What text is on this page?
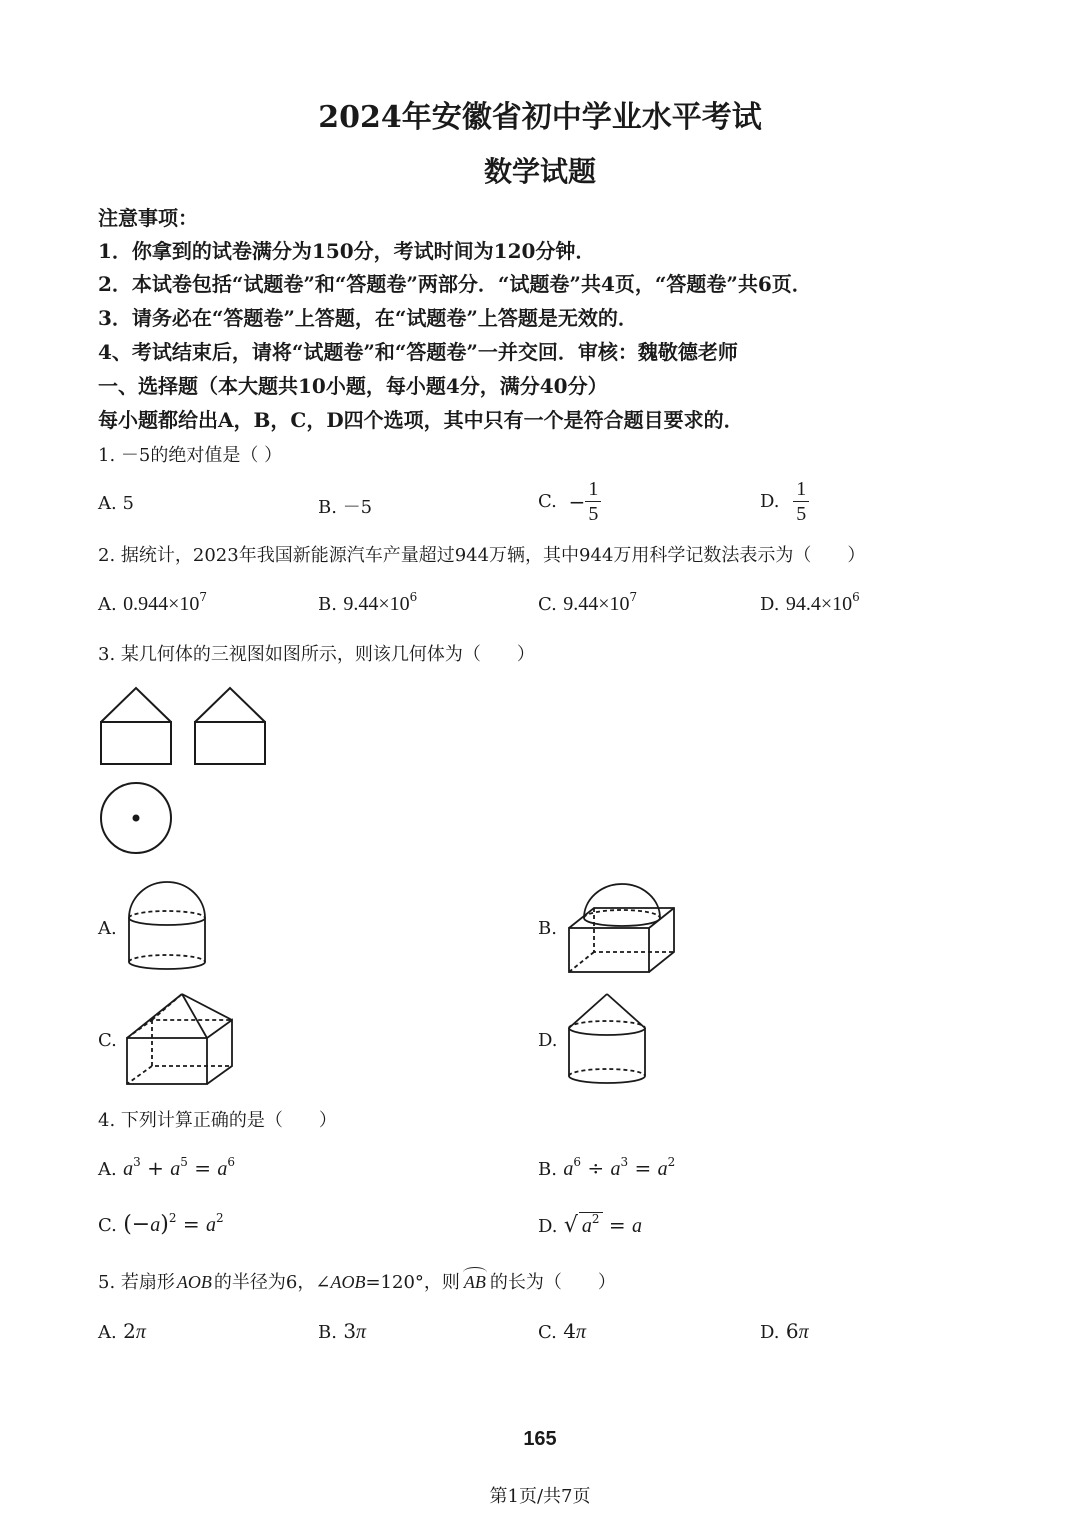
2024年安徽省初中学业水平考试
数学试题
注意事项：
1．你拿到的试卷满分为150分，考试时间为120分钟．
2．本试卷包括“试题卷”和“答题卷”两部分．“试题卷”共4页，“答题卷”共6页．
3．请务必在“答题卷”上答题，在“试题卷”上答题是无效的．
4、考试结束后，请将“试题卷”和“答题卷”一并交回．审核：魏敬德老师
一、选择题（本大题共10小题，每小题4分，满分40分）
每小题都给出A，B，C，D四个选项，其中只有一个是符合题目要求的．
1. －5的绝对值是（ ）
A. 5	B. －5	C. − $\frac{1}{5}$	D. $\frac{1}{5}$
2. 据统计，2023年我国新能源汽车产量超过944万辆，其中944万用科学记数法表示为（　　）
A. $0.944\times 10^7$	B. $9.44\times 10^6$	C. $9.44\times 10^7$	D. $94.4\times 10^6$
3. 某几何体的三视图如图所示，则该几何体为（　　）
A.	B.
C.	D.
4. 下列计算正确的是（　　）
A. $a^3 + a^5 = a^6$	B. $a^6 \div a^3 = a^2$
C. $(-a)^2 = a^2$	D. √ $a^2 = a$
5. 若扇形 AOB 的半径为6，∠AOB=120°，则 AB 的长为（　　）
A. 2π	B. 3π	C. 4π	D. 6π
165
第1页/共7页
